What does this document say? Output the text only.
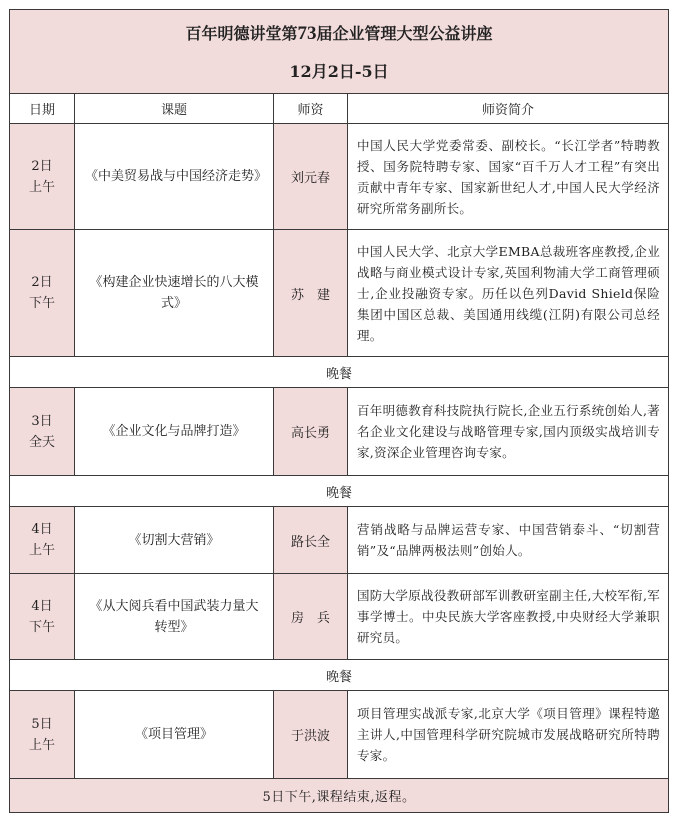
百年明德讲堂第73届企业管理大型公益讲座
12月2日-5日			

日期	课题	师资	师资简介

2日
上午	《中美贸易战与中国经济走势》	刘元春	中国人民大学党委常委、副校长。“长江学者”特聘教授、国务院特聘专家、国家“百千万人才工程”有突出贡献中青年专家、国家新世纪人才,中国人民大学经济研究所常务副所长。

2日
下午	《构建企业快速增长的八大模式》	苏　建	中国人民大学、北京大学EMBA总裁班客座教授,企业战略与商业模式设计专家,英国利物浦大学工商管理硕士,企业投融资专家。历任以色列David Shield保险集团中国区总裁、美国通用线缆(江阴)有限公司总经理。
晚餐			

3日
全天	《企业文化与品牌打造》	高长勇	百年明德教育科技院执行院长,企业五行系统创始人,著名企业文化建设与战略管理专家,国内顶级实战培训专家,资深企业管理咨询专家。
晚餐			

4日
上午	《切割大营销》	路长全	营销战略与品牌运营专家、中国营销泰斗、“切割营销”及“品牌两极法则”创始人。

4日
下午	《从大阅兵看中国武装力量大转型》	房　兵	国防大学原战役教研部军训教研室副主任,大校军衔,军事学博士。中央民族大学客座教授,中央财经大学兼职研究员。
晚餐			

5日
上午	《项目管理》	于洪波	项目管理实战派专家,北京大学《项目管理》课程特邀主讲人,中国管理科学研究院城市发展战略研究所特聘专家。
5日下午,课程结束,返程。			
